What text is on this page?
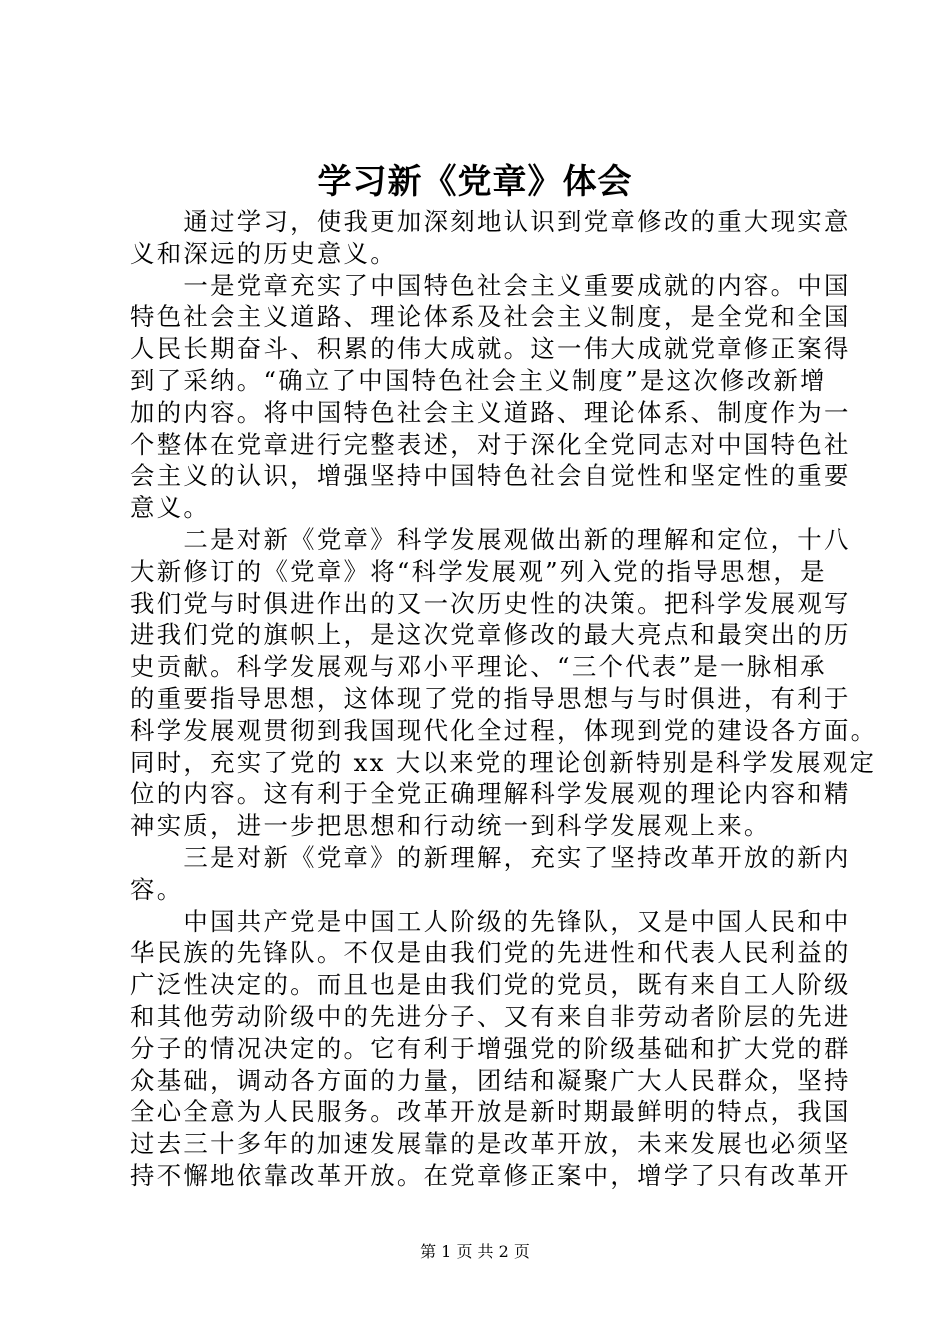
学习新《党章》体会
　　通过学习，使我更加深刻地认识到党章修改的重大现实意
义和深远的历史意义。
　　一是党章充实了中国特色社会主义重要成就的内容。中国
特色社会主义道路、理论体系及社会主义制度，是全党和全国
人民长期奋斗、积累的伟大成就。这一伟大成就党章修正案得
到了采纳。“确立了中国特色社会主义制度”是这次修改新增
加的内容。将中国特色社会主义道路、理论体系、制度作为一
个整体在党章进行完整表述，对于深化全党同志对中国特色社
会主义的认识，增强坚持中国特色社会自觉性和坚定性的重要
意义。
　　二是对新《党章》科学发展观做出新的理解和定位，十八
大新修订的《党章》将“科学发展观”列入党的指导思想，是
我们党与时俱进作出的又一次历史性的决策。把科学发展观写
进我们党的旗帜上，是这次党章修改的最大亮点和最突出的历
史贡献。科学发展观与邓小平理论、“三个代表”是一脉相承
的重要指导思想，这体现了党的指导思想与与时俱进，有利于
科学发展观贯彻到我国现代化全过程，体现到党的建设各方面。
同时，充实了党的 xx 大以来党的理论创新特别是科学发展观定
位的内容。这有利于全党正确理解科学发展观的理论内容和精
神实质，进一步把思想和行动统一到科学发展观上来。
　　三是对新《党章》的新理解，充实了坚持改革开放的新内
容。
　　中国共产党是中国工人阶级的先锋队，又是中国人民和中
华民族的先锋队。不仅是由我们党的先进性和代表人民利益的
广泛性决定的。而且也是由我们党的党员，既有来自工人阶级
和其他劳动阶级中的先进分子、又有来自非劳动者阶层的先进
分子的情况决定的。它有利于增强党的阶级基础和扩大党的群
众基础，调动各方面的力量，团结和凝聚广大人民群众，坚持
全心全意为人民服务。改革开放是新时期最鲜明的特点，我国
过去三十多年的加速发展靠的是改革开放，未来发展也必须坚
持不懈地依靠改革开放。在党章修正案中，增学了只有改革开
第 1 页 共 2 页
